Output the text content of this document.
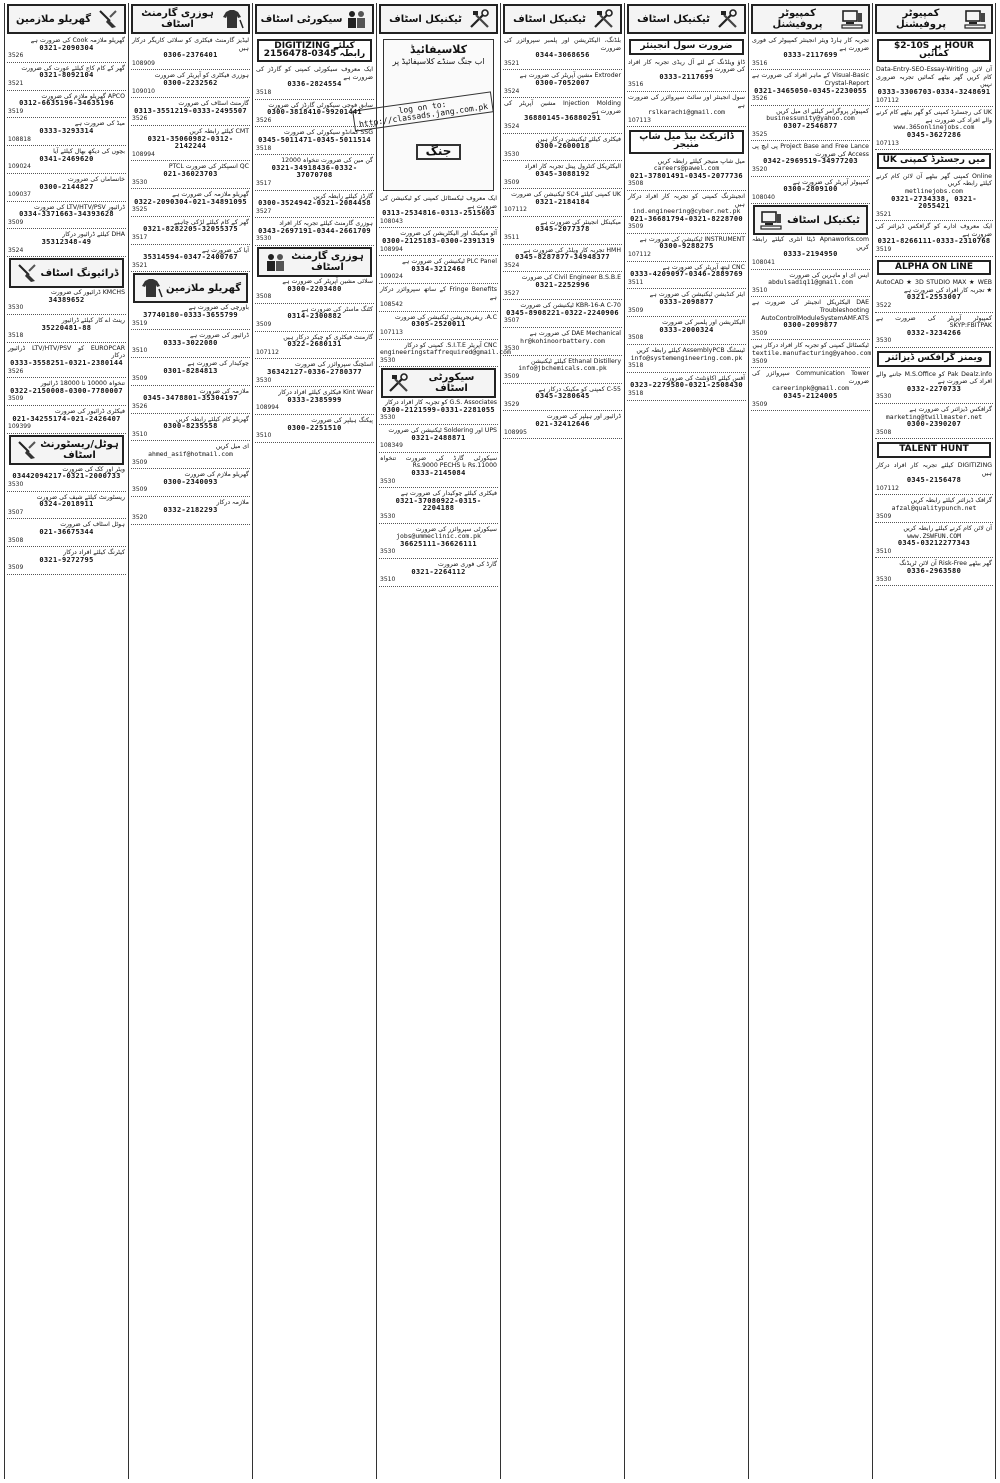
کمپیوٹر پروفیشنل
$2-10S پر HOUR کمائیں
آن لائن Data-Entry-SEO-Essay-Writing کام کریں گھر بیٹھے کمائیں تجربہ ضروری نہیں
0333-3306703-0334-3248691
107112
UK کی رجسٹرڈ کمپنی کو گھر بیٹھے کام کرنے والے افراد کی ضرورت ہے
www.365onlinejobs.com
0345-3627286
107113
UK میں رجسٹرڈ کمپنی
Online کمپنی گھر بیٹھے آن لائن کام کرنے کیلئے رابطہ کریں
metlinejobs.com
0321-2734338, 0321-2055421
3521
ایک معروف ادارے کو گرافکس ڈیزائنر کی ضرورت ہے
0321-8266111-0333-2310768
3519
ALPHA ON LINE
AutoCAD ★ 3D STUDIO MAX ★ WEB ★ تجربہ کار افراد کی ضرورت ہے
0321-2553007
3522
کمپیوٹر آپریٹر کی ضرورت ہے SKYP:FBITPAK
0332-3234266
3530
ویمنز گرافکس ڈیزائنر
Pak Dealz.info کو M.S.Office جاننے والے افراد کی ضرورت ہے
0332-2270733
3530
گرافکس ڈیزائنر کی ضرورت ہے
marketing@twillmaster.net
0300-2390207
3508
TALENT HUNT
DIGITIZING کیلئے تجربہ کار افراد درکار ہیں
0345-2156478
107112
گرافک ڈیزائنر کیلئے رابطہ کریں
afzal@qualitypunch.net
3509
آن لائن کام کرنے کیلئے رابطہ کریں
www.ZSWFUN.COM
0345-03212277343
3510
گھر بیٹھے Risk-Free آن لائن ٹریڈنگ
0336-2963580
3530
کمپیوٹر پروفیشنل
تجربہ کار ہارڈ ویئر انجینئر کمپیوٹر کی فوری ضرورت ہے
0333-2117699
3516
Visual-Basic کے ماہر افراد کی ضرورت ہے Crystal-Report
0321-3465050-0345-2230055
3526
کمپیوٹر پروگرامر کیلئے ای میل کریں
businessunity@yahoo.com
0307-2546877
3525
Project Base and Free Lance پی ایچ پی Access کی ضرورت
0342-2969519-34977203
3520
کمپیوٹر آپریٹر کی ضرورت ہے
0300-2809100
108040
ٹیکنیکل اسٹاف
Apnaworks.com ڈیٹا انٹری کیلئے رابطہ کریں
0333-2194950
108041
ایس ای او ماہرین کی ضرورت
abdulsadiq11@gmail.com
3510
DAE الیکٹریکل انجینئر کی ضرورت ہے Troubleshooting AutoControlModuleSystemAMF.ATS
0300-2099877
3509
ٹیکسٹائل کمپنی کو تجربہ کار افراد درکار ہیں
textile.manufacturing@yahoo.com
3509
Communication Tower سپروائزر کی ضرورت
careerinpk@gmail.com
0345-2124005
3509
ٹیکنیکل اسٹاف
ضرورت سول انجینئر
ڈاؤ ویلڈنگ کے لئے آل ریڈی تجربہ کار افراد کی ضرورت ہے
0333-2117699
3516
سول انجینئر اور سائٹ سپروائزر کی ضرورت ہے
rslkarachi@gmail.com
107113
ڈائریکٹ بیڈ میل شاپ منیجر
میل شاپ منیجر کیلئے رابطہ کریں
careers@pawel.com
021-37801491-0345-2077736
3508
انجینئرنگ کمپنی کو تجربہ کار افراد درکار ہیں
ind.engineering@cyber.net.pk
021-36681794-0321-8228700
3509
INSTRUMENT ٹیکنیشن کی ضرورت ہے
0300-9288275
107112
CNC لیتھ آپریٹر کی ضرورت ہے
0333-4209097-0346-2889769
3511
ایئر کنڈیشن ٹیکنیشن کی ضرورت ہے
0333-2098877
3509
الیکٹریشن اور پلمبر کی ضرورت
0333-2000324
3508
ٹیسٹنگ AssemblyPCB کیلئے رابطہ کریں
info@systemengineering.com.pk
3518
آفس کیلئے اکاؤنٹنٹ کی ضرورت
0323-2279580-0321-2508430
3518
ٹیکنیکل اسٹاف
بلڈنگ، الیکٹریشن اور پلمبر سپروائزر کی ضرورت
0344-3068656
3521
Extroder مشین آپریٹر کی ضرورت ہے
0300-7052007
3524
Injection Molding مشین آپریٹر کی ضرورت ہے
36880145-36880291
3524
فیکٹری کیلئے ٹیکنیشن درکار ہیں
0300-2600018
3530
الیکٹریکل کنٹرول پینل تجربہ کار افراد
0345-3088192
3509
UK کمپنی کیلئے SC4 ٹیکنیشن کی ضرورت
0321-2184184
107112
میکینکل انجینئر کی ضرورت ہے
0345-2077378
3511
HMH تجربہ کار ویلڈر کی ضرورت ہے
0345-8287877-34948377
3524
Civil Engineer B.S.B.E کی ضرورت
0321-2252996
3527
KBR-16-A C-70 ٹیکنیشن کی ضرورت
0345-8908221-0322-2240906
3507
DAE Mechanical کی ضرورت ہے
hr@kohinoorbattery.com
3530
Ethanal Distillery کیلئے ٹیکنیشن
info@jbchemicals.com.pk
3509
C-55 کمپنی کو مکینک درکار ہے
0345-3280645
3529
ڈرائیور اور ہیلپر کی ضرورت
021-32412646
108995
ٹیکنیکل اسٹاف
کلاسیفائیڈ
اب جنگ سنڈے کلاسیفائیڈ پر
log on to: http://classads.jang.com.pk
جنگ
ایک معروف ٹیکسٹائل کمپنی کو ٹیکنیشن کی ضرورت ہے
0313-2534816-0313-2515603
108043
آٹو میکینک اور الیکٹریشن کی ضرورت
0300-2125183-0300-2391319
108994
PLC Panel ٹیکنیشن کی ضرورت ہے
0334-3212468
109024
Fringe Benefits کے ساتھ سپروائزر درکار ہے
108542
A.C. ریفریجریشن ٹیکنیشن کی ضرورت
0305-2520011
107113
CNC آپریٹر S.I.T.E. کمپنی کو درکار
engineeringstaffrequired@gmail.com
3530
سیکورٹی اسٹاف
G.S. Associates کو تجربہ کار افراد درکار
0300-2121599-0331-2281055
3530
UPS اور Soldering ٹیکنیشن کی ضرورت
0321-2488871
108349
سیکورٹی گارڈ کی ضرورت تنخواہ Rs.11000 تا Rs.9000 PECHS
0333-2145084
3530
فیکٹری کیلئے چوکیدار کی ضرورت ہے
0321-37080922-0315-2204188
3530
سیکورٹی سپروائزر کی ضرورت
jobs@ummeclinic.com.pk
36625111-36626111
3530
گارڈ کی فوری ضرورت
0321-2264112
3510
سیکورٹی اسٹاف
DIGITIZING کیلئے رابطہ 0345-2156478
ایک معروف سیکورٹی کمپنی کو گارڈز کی ضرورت ہے
0336-2824554
3518
سابق فوجی سیکورٹی گارڈز کی ضرورت
0300-3818410-99201441
3526
SSG کمانڈو سیکورٹی کی ضرورت
0345-5011471-0345-5011514
3518
گن مین کی ضرورت تنخواہ 12000
0321-34918436-0332-37070708
3517
گارڈز کیلئے رابطہ کریں
0300-3524942-0321-2084458
3527
ہوزری گارمنٹ کیلئے تجربہ کار افراد
0343-2697191-0344-2661709
3530
ہوزری گارمنٹ اسٹاف
سلائی مشین آپریٹر کی ضرورت ہے
0300-2203480
3508
کٹنگ ماسٹر کی ضرورت ہے
0314-2300882
3509
گارمنٹ فیکٹری کو چیکر درکار ہیں
0322-2680131
107112
اسٹچنگ سپروائزر کی ضرورت
36342127-0336-2780377
3530
Kint Wear فیکٹری کیلئے افراد درکار
0333-2385999
108994
پیکنگ ہیلپر کی ضرورت
0300-2251510
3510
ہوزری گارمنٹ اسٹاف
لیڈیز گارمنٹ فیکٹری کو سلائی کاریگر درکار ہیں
0306-2376401
108909
ہوزری فیکٹری کو آپریٹر کی ضرورت
0300-2232562
109010
گارمنٹ اسٹاف کی ضرورت
0313-3551219-0333-2495507
3526
CMT کیلئے رابطہ کریں
0321-35060982-0312-2142244
108994
QC انسپکٹر کی ضرورت PTCL
021-36023703
3530
گھریلو ملازمہ کی ضرورت ہے
0322-2090304-021-34891095
3525
گھر کے کام کیلئے لڑکی چاہیے
0321-8282205-32055375
3517
آیا کی ضرورت ہے
35314594-0347-2400767
3521
گھریلو ملازمین
باورچی کی ضرورت ہے
37740180-0333-3655799
3519
ڈرائیور کی ضرورت ہے
0333-3022080
3510
چوکیدار کی ضرورت ہے
0301-8284813
3509
ملازمہ کی ضرورت
0345-3478801-35304197
3526
گھریلو کام کیلئے رابطہ کریں
0300-8235558
3510
ای میل کریں
ahmed_asif@hotmail.com
3509
گھریلو ملازم کی ضرورت
0300-2340093
3509
ملازمہ درکار
0332-2182293
3520
گھریلو ملازمین
گھریلو ملازمہ Cook کی ضرورت ہے
0321-2090304
3526
گھر کے کام کاج کیلئے عورت کی ضرورت
0321-8092104
3521
APCO گھریلو ملازم کی ضرورت
0312-6635196-34635196
3519
میڈ کی ضرورت ہے
0333-3293314
108818
بچوں کی دیکھ بھال کیلئے آیا
0341-2469620
109024
خانساماں کی ضرورت
0300-2144827
109037
ڈرائیور LTV/HTV/PSV کی ضرورت
0334-3371663-34393628
3509
DHA کیلئے ڈرائیور درکار
35312348-49
3524
ڈرائیونگ اسٹاف
KMCHS ڈرائیور کی ضرورت
34389652
3530
رینٹ اے کار کیلئے ڈرائیور
35220481-88
3518
EUROPCAR کو LTV/HTV/PSV ڈرائیور درکار
0333-3558251-0321-2380144
3526
تنخواہ 10000 تا 18000 ڈرائیور
0322-2150008-0300-7780007
3509
فیکٹری ڈرائیور کی ضرورت
021-34255174-021-2426407
109399
ہوٹل/ریسٹورنٹ اسٹاف
ویٹر اور کک کی ضرورت
03442094217-0321-2000733
3530
ریسٹورنٹ کیلئے شیف کی ضرورت
0324-2018911
3507
ہوٹل اسٹاف کی ضرورت
021-36675344
3508
کیٹرنگ کیلئے افراد درکار
0321-9272795
3509
